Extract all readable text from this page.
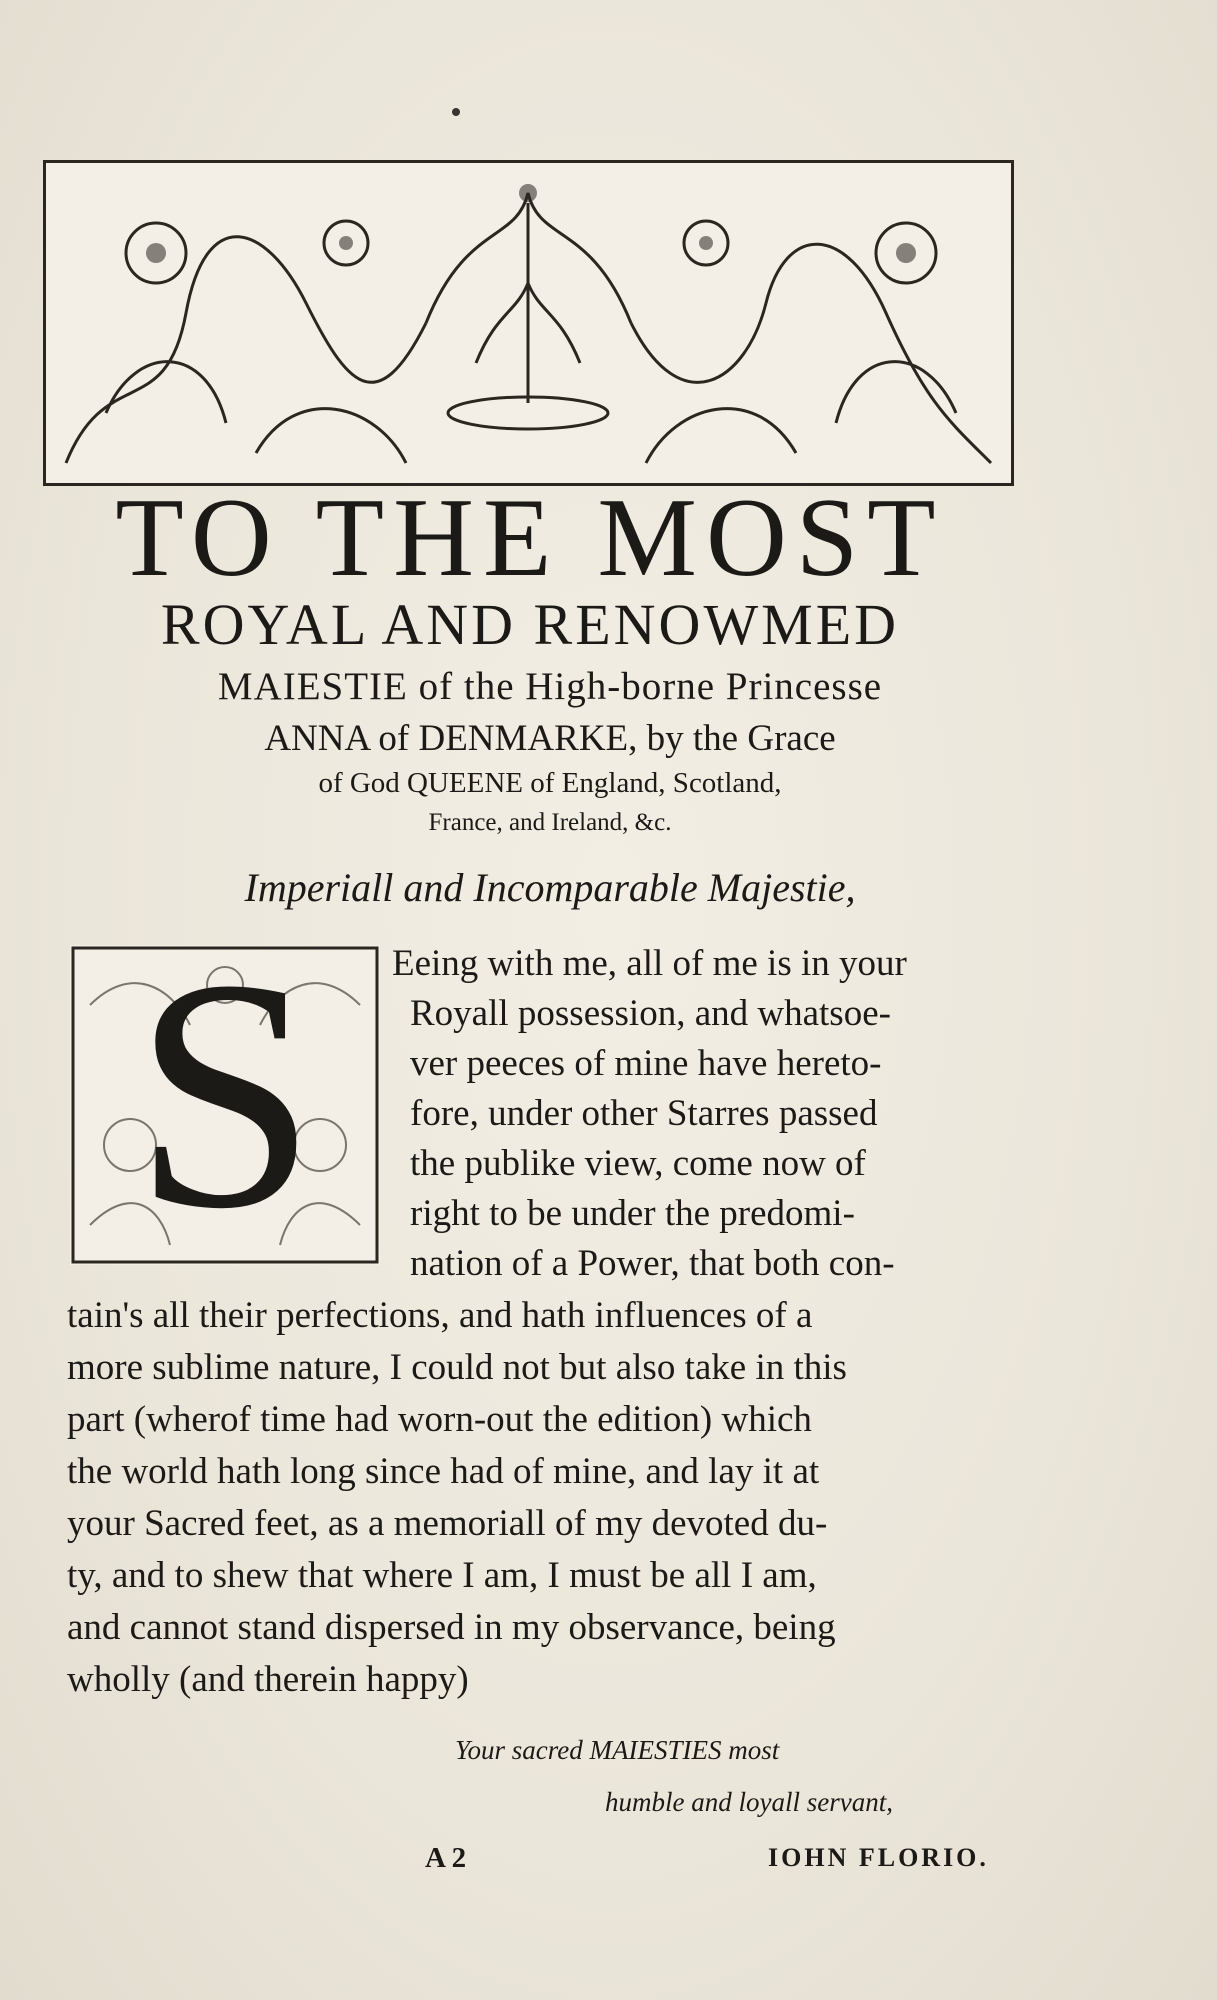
TO THE MOST
ROYAL AND RENOWMED
MAIESTIE of the High-borne Princesse
ANNA of DENMARKE, by the Grace
of God QUEENE of England, Scotland,
France, and Ireland, &c.
Imperiall and Incomparable Majestie,
S	Eeing with me, all of me is in your
Royall possession, and whatsoe-
ver peeces of mine have hereto-
fore, under other Starres passed
the publike view, come now of
right to be under the predomi-
nation of a Power, that both con-
tain's all their perfections, and hath influences of a
more sublime nature, I could not but also take in this
part (wherof time had worn-out the edition) which
the world hath long since had of mine, and lay it at
your Sacred feet, as a memoriall of my devoted du-
ty, and to shew that where I am, I must be all I am,
and cannot stand dispersed in my observance, being
wholly (and therein happy)
Your sacred MAIESTIES most
humble and loyall servant,
A 2	IOHN FLORIO.
